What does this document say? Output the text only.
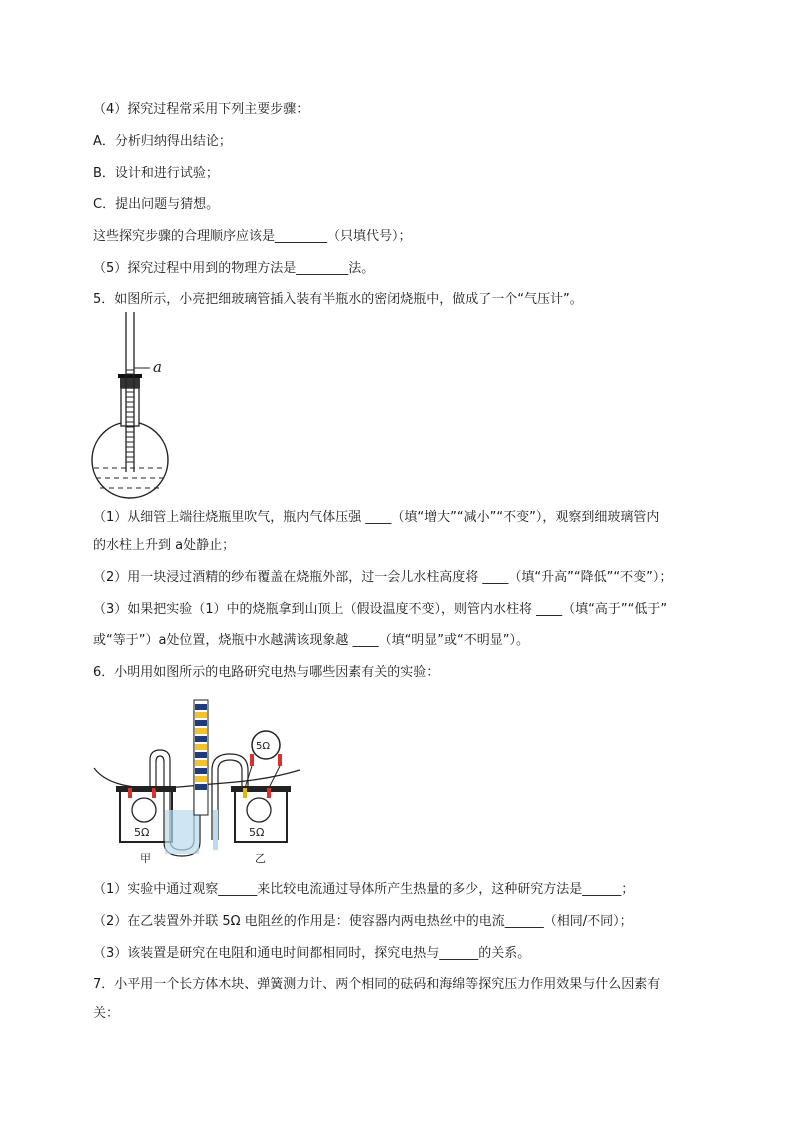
（4）探究过程常采用下列主要步骤：
A．分析归纳得出结论；
B．设计和进行试验；
C．提出问题与猜想。
这些探究步骤的合理顺序应该是________（只填代号）；
（5）探究过程中用到的物理方法是________法。
5．如图所示，小亮把细玻璃管插入装有半瓶水的密闭烧瓶中，做成了一个“气压计”。
a
（1）从细管上端往烧瓶里吹气，瓶内气体压强 ____（填“增大”“减小”“不变”），观察到细玻璃管内
的水柱上升到 a处静止；
（2）用一块浸过酒精的纱布覆盖在烧瓶外部，过一会儿水柱高度将 ____（填“升高”“降低”“不变”）；
（3）如果把实验（1）中的烧瓶拿到山顶上（假设温度不变），则管内水柱将 ____（填“高于”“低于”
或“等于”）a处位置，烧瓶中水越满该现象越 ____（填“明显”或“不明显”）。
6．小明用如图所示的电路研究电热与哪些因素有关的实验：
5Ω
甲
5Ω
乙
5Ω
（1）实验中通过观察______来比较电流通过导体所产生热量的多少，这种研究方法是______；
（2）在乙装置外并联 5Ω 电阻丝的作用是：使容器内两电热丝中的电流______（相同/不同）；
（3）该装置是研究在电阻和通电时间都相同时，探究电热与______的关系。
7．小平用一个长方体木块、弹簧测力计、两个相同的砝码和海绵等探究压力作用效果与什么因素有
关：
